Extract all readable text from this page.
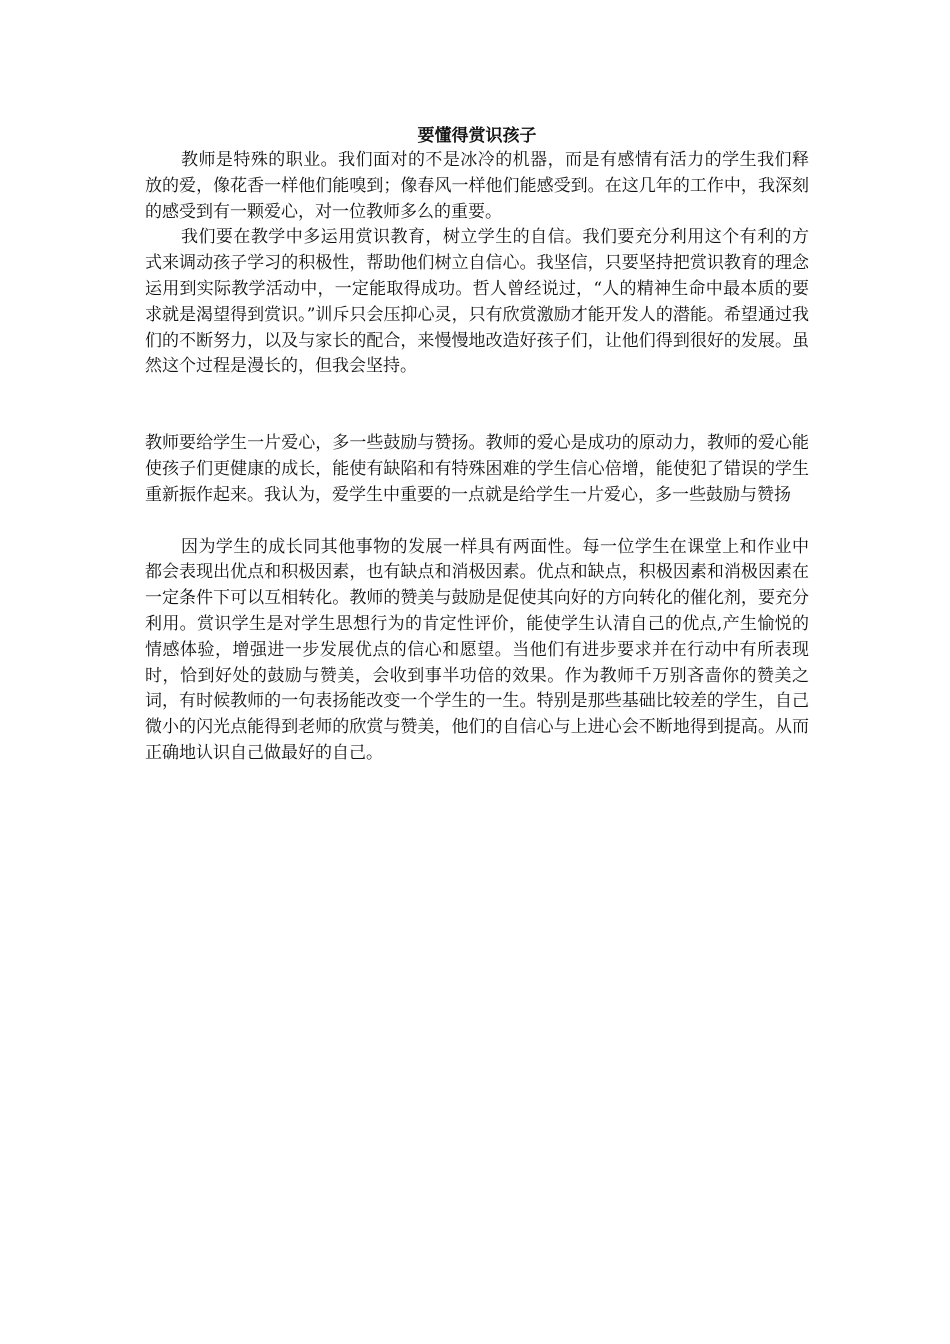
要懂得赏识孩子

教师是特殊的职业。我们面对的不是冰冷的机器，而是有感情有活力的学生我们释放的爱，像花香一样他们能嗅到；像春风一样他们能感受到。在这几年的工作中，我深刻的感受到有一颗爱心，对一位教师多么的重要。

我们要在教学中多运用赏识教育，树立学生的自信。我们要充分利用这个有利的方式来调动孩子学习的积极性，帮助他们树立自信心。我坚信，只要坚持把赏识教育的理念运用到实际教学活动中，一定能取得成功。哲人曾经说过，“人的精神生命中最本质的要求就是渴望得到赏识。”训斥只会压抑心灵，只有欣赏激励才能开发人的潜能。希望通过我们的不断努力，以及与家长的配合，来慢慢地改造好孩子们，让他们得到很好的发展。虽然这个过程是漫长的，但我会坚持。

教师要给学生一片爱心，多一些鼓励与赞扬。教师的爱心是成功的原动力，教师的爱心能使孩子们更健康的成长，能使有缺陷和有特殊困难的学生信心倍增，能使犯了错误的学生重新振作起来。我认为，爱学生中重要的一点就是给学生一片爱心，多一些鼓励与赞扬

因为学生的成长同其他事物的发展一样具有两面性。每一位学生在课堂上和作业中都会表现出优点和积极因素，也有缺点和消极因素。优点和缺点，积极因素和消极因素在一定条件下可以互相转化。教师的赞美与鼓励是促使其向好的方向转化的催化剂，要充分利用。赏识学生是对学生思想行为的肯定性评价，能使学生认清自己的优点,产生愉悦的情感体验，增强进一步发展优点的信心和愿望。当他们有进步要求并在行动中有所表现时，恰到好处的鼓励与赞美，会收到事半功倍的效果。作为教师千万别吝啬你的赞美之词，有时候教师的一句表扬能改变一个学生的一生。特别是那些基础比较差的学生，自己微小的闪光点能得到老师的欣赏与赞美，他们的自信心与上进心会不断地得到提高。从而正确地认识自己做最好的自己。
